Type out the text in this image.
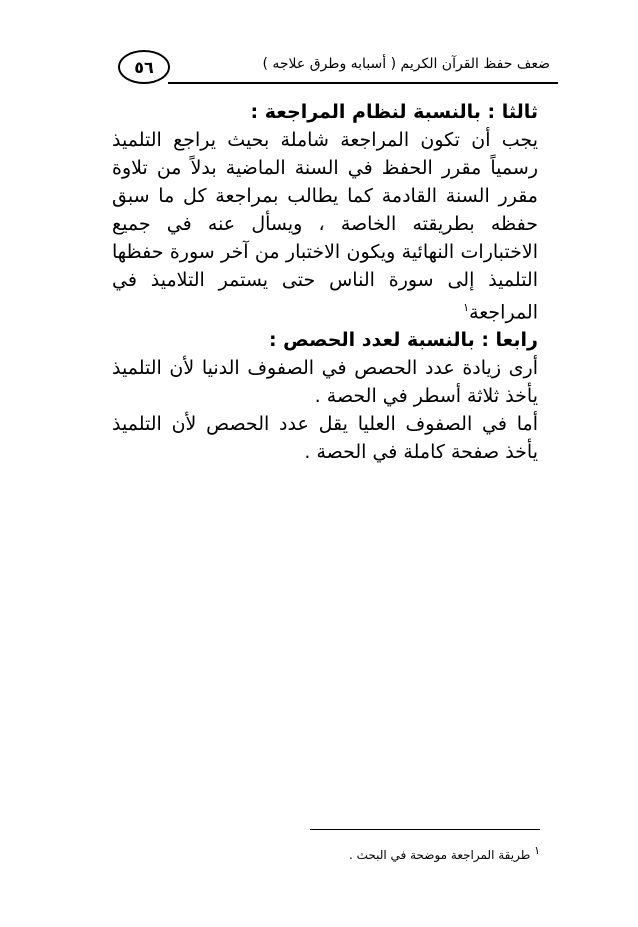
٥٦	ضعف حفظ القرآن الكريم ( أسبابه وطرق علاجه )
ثالثا : بالنسبة لنظام المراجعة :

يجب أن تكون المراجعة شاملة بحيث يراجع التلميذ رسمياً مقرر الحفظ في السنة الماضية بدلاً من تلاوة مقرر السنة القادمة كما يطالب بمراجعة كل ما سبق حفظه بطريقته الخاصة ، ويسأل عنه في جميع الاختبارات النهائية ويكون الاختبار من آخر سورة حفظها التلميذ إلى سورة الناس حتى يستمر التلاميذ في المراجعة$^١$

رابعا : بالنسبة لعدد الحصص :

أرى زيادة عدد الحصص في الصفوف الدنيا لأن التلميذ يأخذ ثلاثة أسطر في الحصة .

أما في الصفوف العليا يقل عدد الحصص لأن التلميذ يأخذ صفحة كاملة في الحصة .

$^١$ طريقة المراجعة موضحة في البحث .
